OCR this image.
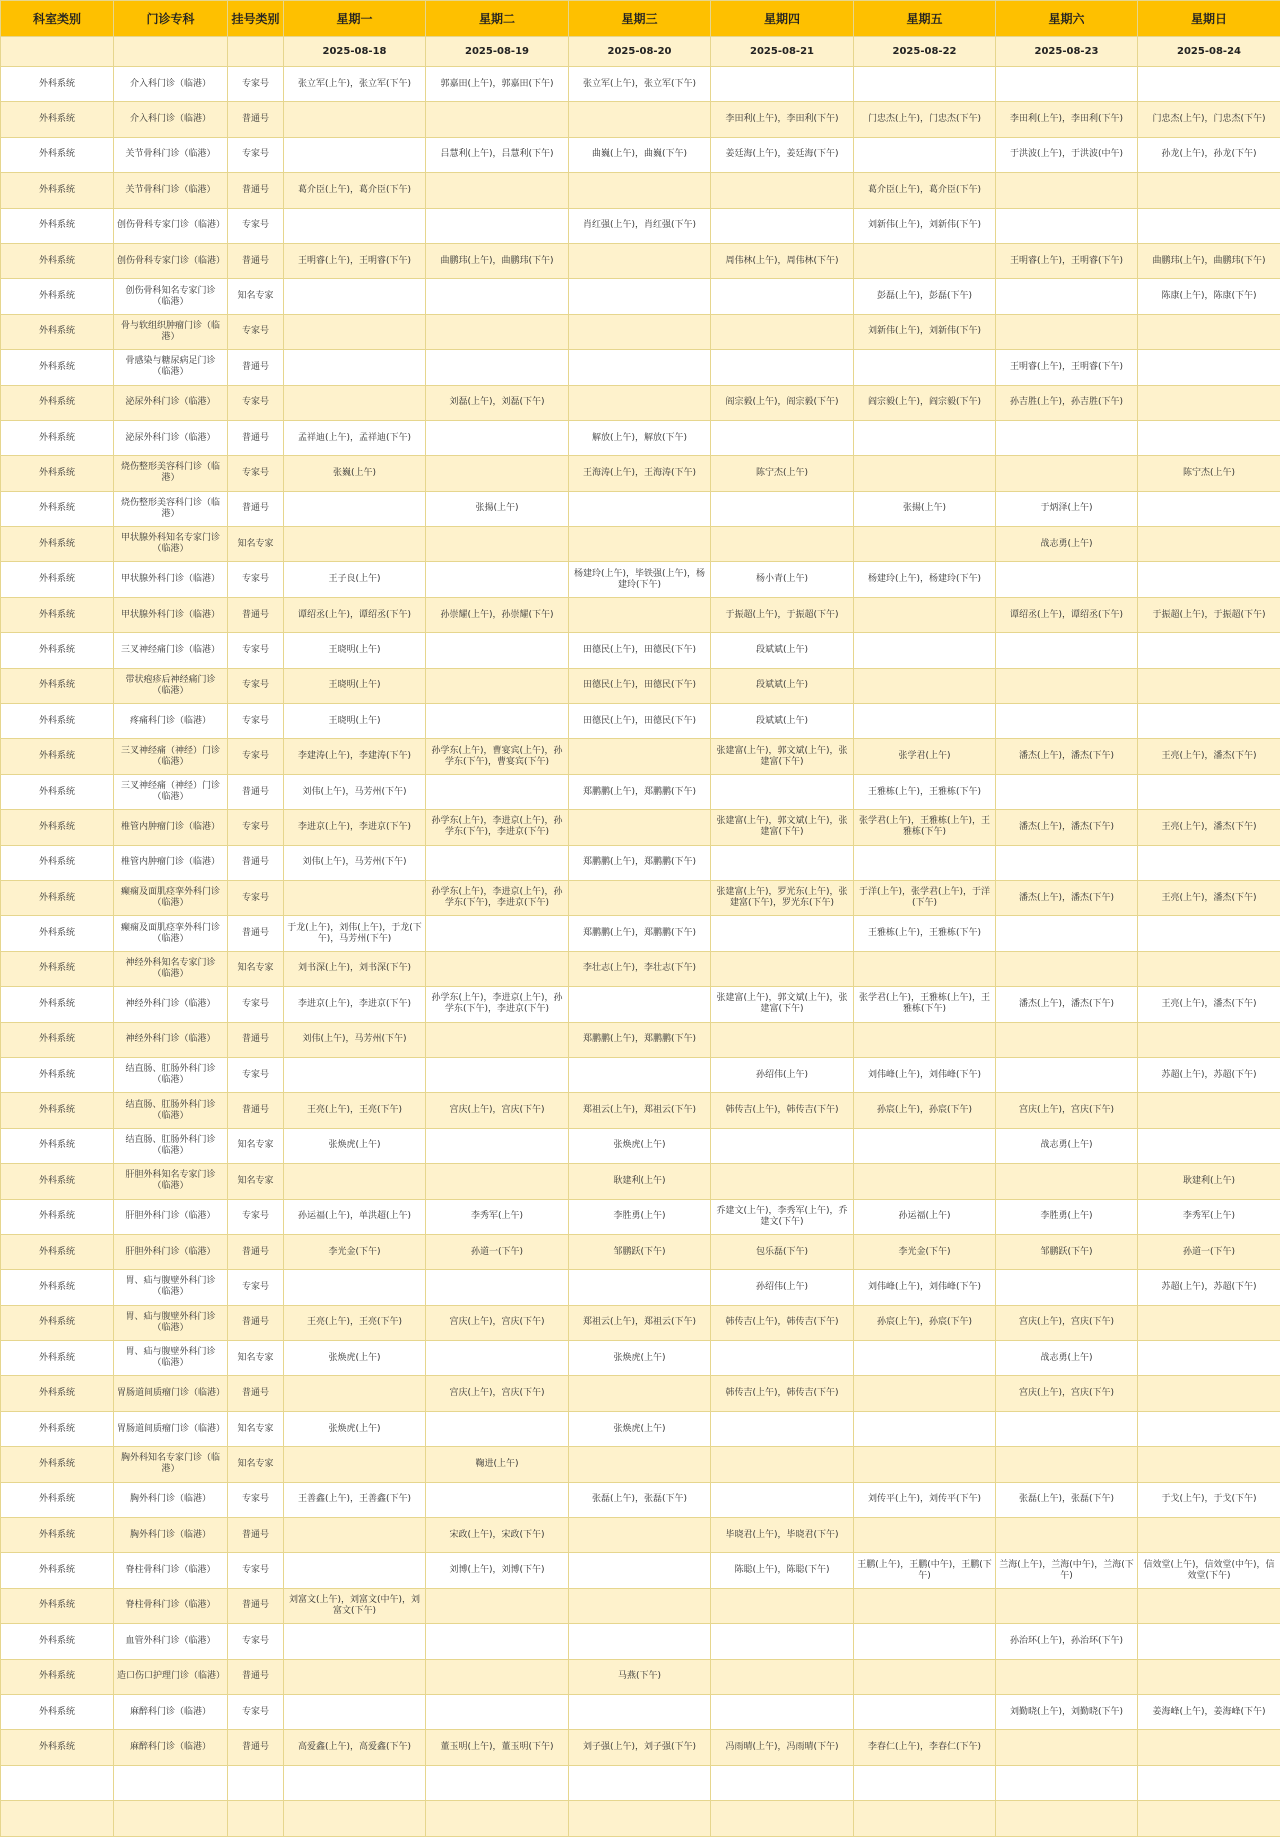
科室类别	门诊专科	挂号类别	星期一	星期二	星期三	星期四	星期五	星期六	星期日
			2025-08-18	2025-08-19	2025-08-20	2025-08-21	2025-08-22	2025-08-23	2025-08-24
外科系统	介入科门诊（临港）	专家号	张立军(上午)，张立军(下午)	郭嘉田(上午)，郭嘉田(下午)	张立军(上午)，张立军(下午)				
外科系统	介入科门诊（临港）	普通号				李田利(上午)，李田利(下午)	门忠杰(上午)，门忠杰(下午)	李田利(上午)，李田利(下午)	门忠杰(上午)，门忠杰(下午)
外科系统	关节骨科门诊（临港）	专家号		吕慧利(上午)，吕慧利(下午)	曲巍(上午)，曲巍(下午)	姜廷海(上午)，姜廷海(下午)		于洪波(上午)，于洪波(中午)	孙龙(上午)，孙龙(下午)
外科系统	关节骨科门诊（临港）	普通号	葛介臣(上午)，葛介臣(下午)				葛介臣(上午)，葛介臣(下午)		
外科系统	创伤骨科专家门诊（临港）	专家号			肖红强(上午)，肖红强(下午)		刘新伟(上午)，刘新伟(下午)		
外科系统	创伤骨科专家门诊（临港）	普通号	王明睿(上午)，王明睿(下午)	曲鹏玮(上午)，曲鹏玮(下午)		周伟林(上午)，周伟林(下午)		王明睿(上午)，王明睿(下午)	曲鹏玮(上午)，曲鹏玮(下午)
外科系统	创伤骨科知名专家门诊（临港）	知名专家					彭磊(上午)，彭磊(下午)		陈康(上午)，陈康(下午)
外科系统	骨与软组织肿瘤门诊（临港）	专家号					刘新伟(上午)，刘新伟(下午)		
外科系统	骨感染与糖尿病足门诊（临港）	普通号						王明睿(上午)，王明睿(下午)	
外科系统	泌尿外科门诊（临港）	专家号		刘磊(上午)，刘磊(下午)		阎宗毅(上午)，阎宗毅(下午)	阎宗毅(上午)，阎宗毅(下午)	孙吉胜(上午)，孙吉胜(下午)	
外科系统	泌尿外科门诊（临港）	普通号	孟祥迪(上午)，孟祥迪(下午)		解放(上午)，解放(下午)				
外科系统	烧伤整形美容科门诊（临港）	专家号	张巍(上午)		王海涛(上午)，王海涛(下午)	陈宁杰(上午)			陈宁杰(上午)
外科系统	烧伤整形美容科门诊（临港）	普通号		张揚(上午)			张揚(上午)	于炳泽(上午)	
外科系统	甲状腺外科知名专家门诊（临港）	知名专家						战志勇(上午)	
外科系统	甲状腺外科门诊（临港）	专家号	王子良(上午)		杨建玲(上午)，毕铁强(上午)，杨建玲(下午)	杨小青(上午)	杨建玲(上午)，杨建玲(下午)		
外科系统	甲状腺外科门诊（临港）	普通号	谭绍丞(上午)，谭绍丞(下午)	孙崇耀(上午)，孙崇耀(下午)		于振超(上午)，于振超(下午)		谭绍丞(上午)，谭绍丞(下午)	于振超(上午)，于振超(下午)
外科系统	三叉神经痛门诊（临港）	专家号	王晓明(上午)		田德民(上午)，田德民(下午)	段斌斌(上午)			
外科系统	带状疱疹后神经痛门诊（临港）	专家号	王晓明(上午)		田德民(上午)，田德民(下午)	段斌斌(上午)			
外科系统	疼痛科门诊（临港）	专家号	王晓明(上午)		田德民(上午)，田德民(下午)	段斌斌(上午)			
外科系统	三叉神经痛（神经）门诊（临港）	专家号	李建涛(上午)，李建涛(下午)	孙学东(上午)，曹宴宾(上午)，孙学东(下午)，曹宴宾(下午)		张建富(上午)，郭文斌(上午)，张建富(下午)	张学君(上午)	潘杰(上午)，潘杰(下午)	王亮(上午)，潘杰(下午)
外科系统	三叉神经痛（神经）门诊（临港）	普通号	刘伟(上午)，马芳州(下午)		郑鹏鹏(上午)，郑鹏鹏(下午)		王雅栋(上午)，王雅栋(下午)		
外科系统	椎管内肿瘤门诊（临港）	专家号	李进京(上午)，李进京(下午)	孙学东(上午)，李进京(上午)，孙学东(下午)，李进京(下午)		张建富(上午)，郭文斌(上午)，张建富(下午)	张学君(上午)，王雅栋(上午)，王雅栋(下午)	潘杰(上午)，潘杰(下午)	王亮(上午)，潘杰(下午)
外科系统	椎管内肿瘤门诊（临港）	普通号	刘伟(上午)，马芳州(下午)		郑鹏鹏(上午)，郑鹏鹏(下午)				
外科系统	癫痫及面肌痉挛外科门诊（临港）	专家号		孙学东(上午)，李进京(上午)，孙学东(下午)，李进京(下午)		张建富(上午)，罗光东(上午)，张建富(下午)，罗光东(下午)	于洋(上午)，张学君(上午)，于洋(下午)	潘杰(上午)，潘杰(下午)	王亮(上午)，潘杰(下午)
外科系统	癫痫及面肌痉挛外科门诊（临港）	普通号	于龙(上午)，刘伟(上午)，于龙(下午)，马芳州(下午)		郑鹏鹏(上午)，郑鹏鹏(下午)		王雅栋(上午)，王雅栋(下午)		
外科系统	神经外科知名专家门诊（临港）	知名专家	刘书深(上午)，刘书深(下午)		李壮志(上午)，李壮志(下午)				
外科系统	神经外科门诊（临港）	专家号	李进京(上午)，李进京(下午)	孙学东(上午)，李进京(上午)，孙学东(下午)，李进京(下午)		张建富(上午)，郭文斌(上午)，张建富(下午)	张学君(上午)，王雅栋(上午)，王雅栋(下午)	潘杰(上午)，潘杰(下午)	王亮(上午)，潘杰(下午)
外科系统	神经外科门诊（临港）	普通号	刘伟(上午)，马芳州(下午)		郑鹏鹏(上午)，郑鹏鹏(下午)				
外科系统	结直肠、肛肠外科门诊（临港）	专家号				孙绍伟(上午)	刘伟峰(上午)，刘伟峰(下午)		苏超(上午)，苏超(下午)
外科系统	结直肠、肛肠外科门诊（临港）	普通号	王亮(上午)，王亮(下午)	宫庆(上午)，宫庆(下午)	郑祖云(上午)，郑祖云(下午)	韩传吉(上午)，韩传吉(下午)	孙宸(上午)，孙宸(下午)	宫庆(上午)，宫庆(下午)	
外科系统	结直肠、肛肠外科门诊（临港）	知名专家	张焕虎(上午)		张焕虎(上午)			战志勇(上午)	
外科系统	肝胆外科知名专家门诊（临港）	知名专家			耿建利(上午)				耿建利(上午)
外科系统	肝胆外科门诊（临港）	专家号	孙运福(上午)，单洪超(上午)	李秀军(上午)	李胜勇(上午)	乔建文(上午)，李秀军(上午)，乔建文(下午)	孙运福(上午)	李胜勇(上午)	李秀军(上午)
外科系统	肝胆外科门诊（临港）	普通号	李光金(下午)	孙道一(下午)	邹鹏跃(下午)	包乐磊(下午)	李光金(下午)	邹鹏跃(下午)	孙道一(下午)
外科系统	胃、疝与腹壁外科门诊（临港）	专家号				孙绍伟(上午)	刘伟峰(上午)，刘伟峰(下午)		苏超(上午)，苏超(下午)
外科系统	胃、疝与腹壁外科门诊（临港）	普通号	王亮(上午)，王亮(下午)	宫庆(上午)，宫庆(下午)	郑祖云(上午)，郑祖云(下午)	韩传吉(上午)，韩传吉(下午)	孙宸(上午)，孙宸(下午)	宫庆(上午)，宫庆(下午)	
外科系统	胃、疝与腹壁外科门诊（临港）	知名专家	张焕虎(上午)		张焕虎(上午)			战志勇(上午)	
外科系统	胃肠道间质瘤门诊（临港）	普通号		宫庆(上午)，宫庆(下午)		韩传吉(上午)，韩传吉(下午)		宫庆(上午)，宫庆(下午)	
外科系统	胃肠道间质瘤门诊（临港）	知名专家	张焕虎(上午)		张焕虎(上午)				
外科系统	胸外科知名专家门诊（临港）	知名专家		鞠进(上午)					
外科系统	胸外科门诊（临港）	专家号	王善鑫(上午)，王善鑫(下午)		张磊(上午)，张磊(下午)		刘传平(上午)，刘传平(下午)	张磊(上午)，张磊(下午)	于戈(上午)，于戈(下午)
外科系统	胸外科门诊（临港）	普通号		宋政(上午)，宋政(下午)		毕晓君(上午)，毕晓君(下午)			
外科系统	脊柱骨科门诊（临港）	专家号		刘博(上午)，刘博(下午)		陈聪(上午)，陈聪(下午)	王鹏(上午)，王鹏(中午)，王鹏(下午)	兰海(上午)，兰海(中午)，兰海(下午)	信效堂(上午)，信效堂(中午)，信效堂(下午)
外科系统	脊柱骨科门诊（临港）	普通号	刘富文(上午)，刘富文(中午)，刘富文(下午)						
外科系统	血管外科门诊（临港）	专家号						孙治环(上午)，孙治环(下午)	
外科系统	造口伤口护理门诊（临港）	普通号			马燕(下午)				
外科系统	麻醉科门诊（临港）	专家号						刘勤晓(上午)，刘勤晓(下午)	姜海峰(上午)，姜海峰(下午)
外科系统	麻醉科门诊（临港）	普通号	高爱鑫(上午)，高爱鑫(下午)	董玉明(上午)，董玉明(下午)	刘子强(上午)，刘子强(下午)	冯雨晴(上午)，冯雨晴(下午)	李春仁(上午)，李春仁(下午)		
